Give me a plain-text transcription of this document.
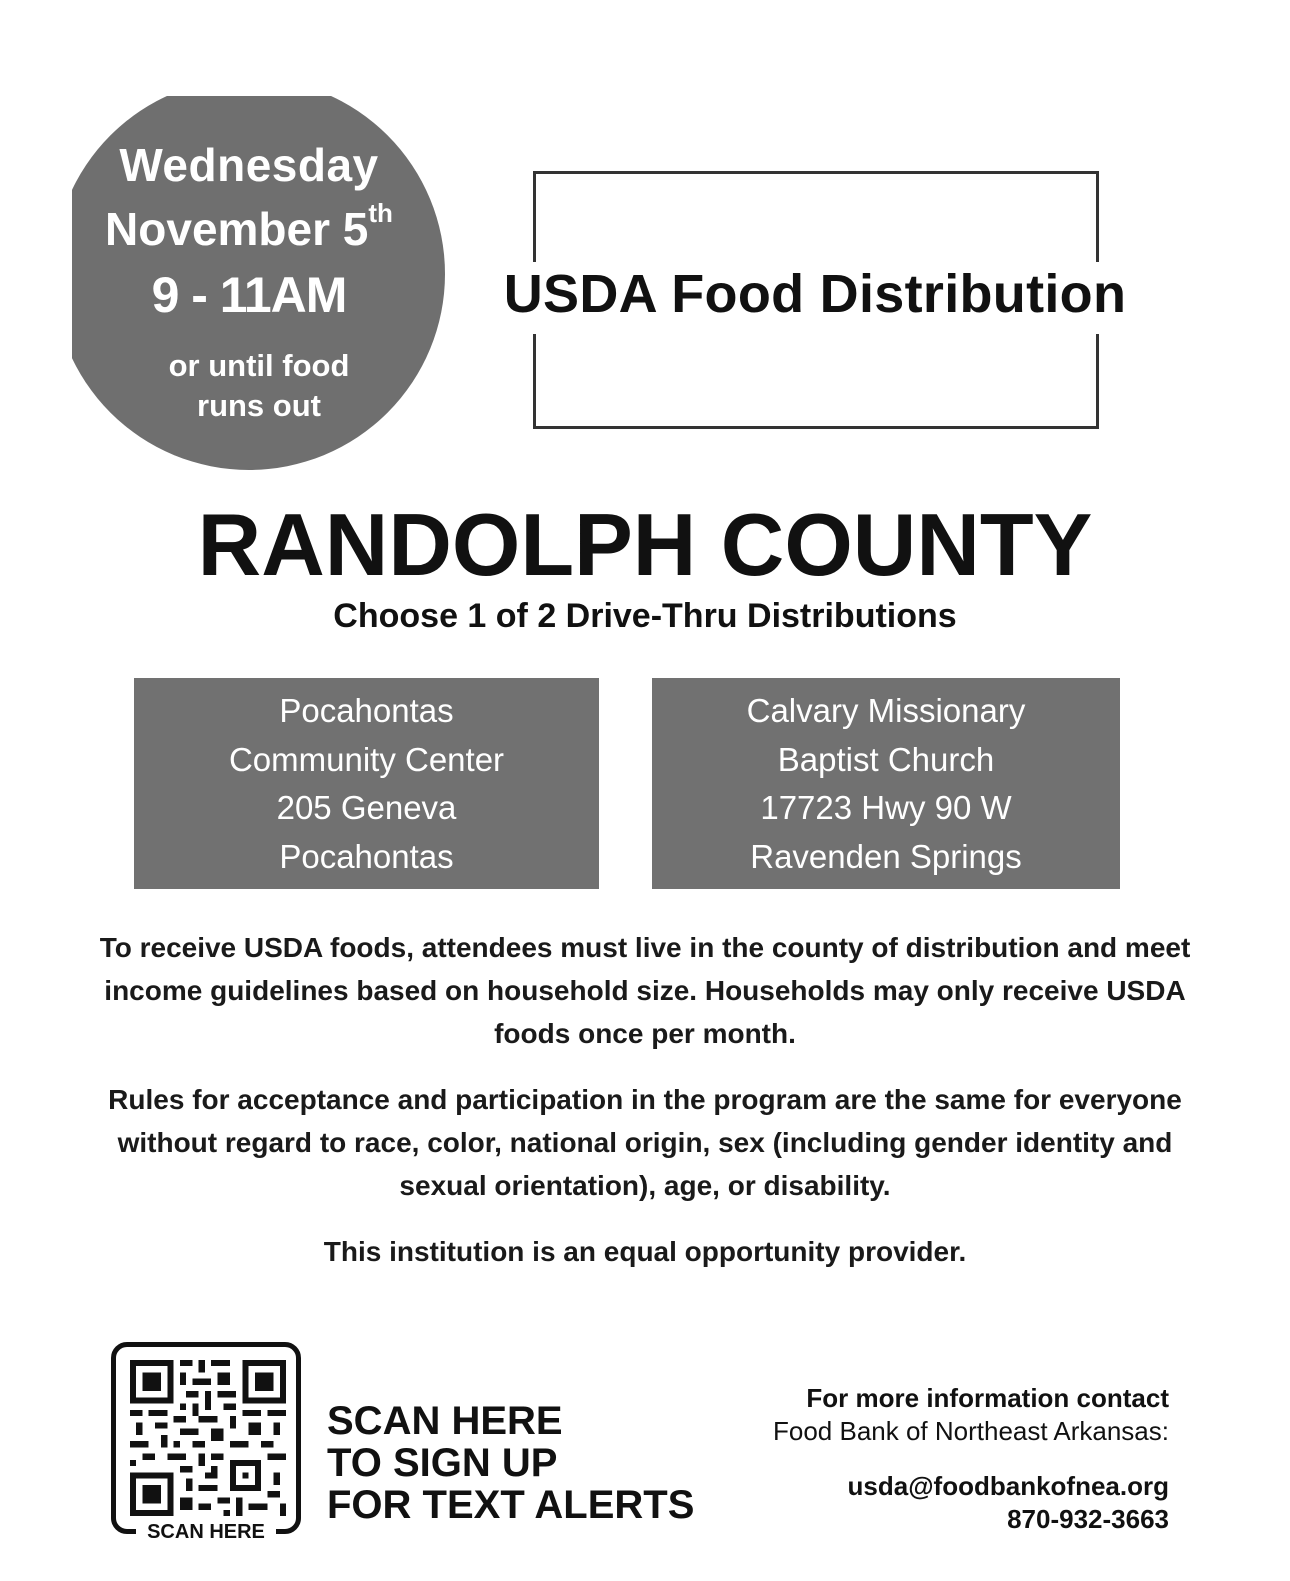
Wednesday
November 5th
9 - 11AM
or until food
runs out
USDA Food Distribution
RANDOLPH COUNTY
Choose 1 of 2 Drive-Thru Distributions
Pocahontas
Community Center
205 Geneva
Pocahontas
Calvary Missionary
Baptist Church
17723 Hwy 90 W
Ravenden Springs
To receive USDA foods, attendees must live in the county of distribution and meet income guidelines based on household size. Households may only receive USDA foods once per month.
Rules for acceptance and participation in the program are the same for everyone without regard to race, color, national origin, sex (including gender identity and sexual orientation), age, or disability.
This institution is an equal opportunity provider.
SCAN HERE
SCAN HERE
TO SIGN UP
FOR TEXT ALERTS
For more information contact
Food Bank of Northeast Arkansas:
usda@foodbankofnea.org
870-932-3663
